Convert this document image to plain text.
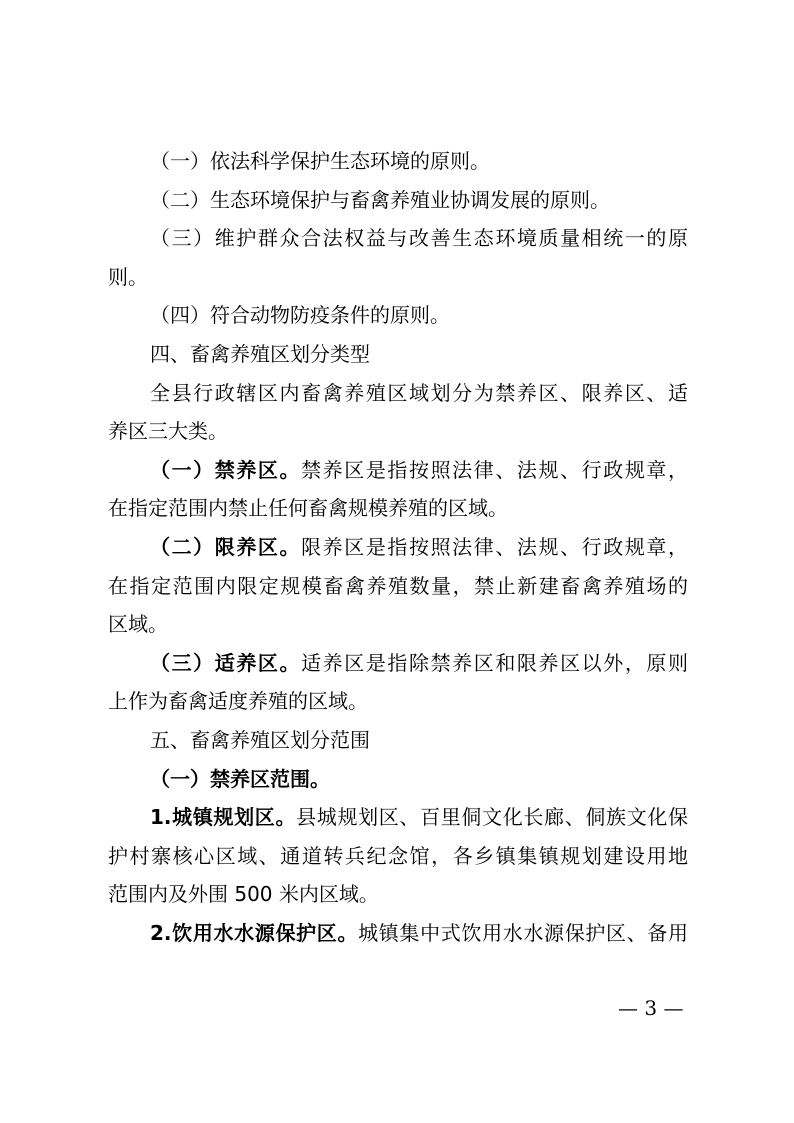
（一）依法科学保护生态环境的原则。
（二）生态环境保护与畜禽养殖业协调发展的原则。
（三）维护群众合法权益与改善生态环境质量相统一的原
则。
（四）符合动物防疫条件的原则。
四、畜禽养殖区划分类型
全县行政辖区内畜禽养殖区域划分为禁养区、限养区、适
养区三大类。
（一）禁养区。禁养区是指按照法律、法规、行政规章，
在指定范围内禁止任何畜禽规模养殖的区域。
（二）限养区。限养区是指按照法律、法规、行政规章，
在指定范围内限定规模畜禽养殖数量，禁止新建畜禽养殖场的
区域。
（三）适养区。适养区是指除禁养区和限养区以外，原则
上作为畜禽适度养殖的区域。
五、畜禽养殖区划分范围
（一）禁养区范围。
1.城镇规划区。县城规划区、百里侗文化长廊、侗族文化保
护村寨核心区域、通道转兵纪念馆，各乡镇集镇规划建设用地
范围内及外围 500 米内区域。
2.饮用水水源保护区。城镇集中式饮用水水源保护区、备用
— 3 —
